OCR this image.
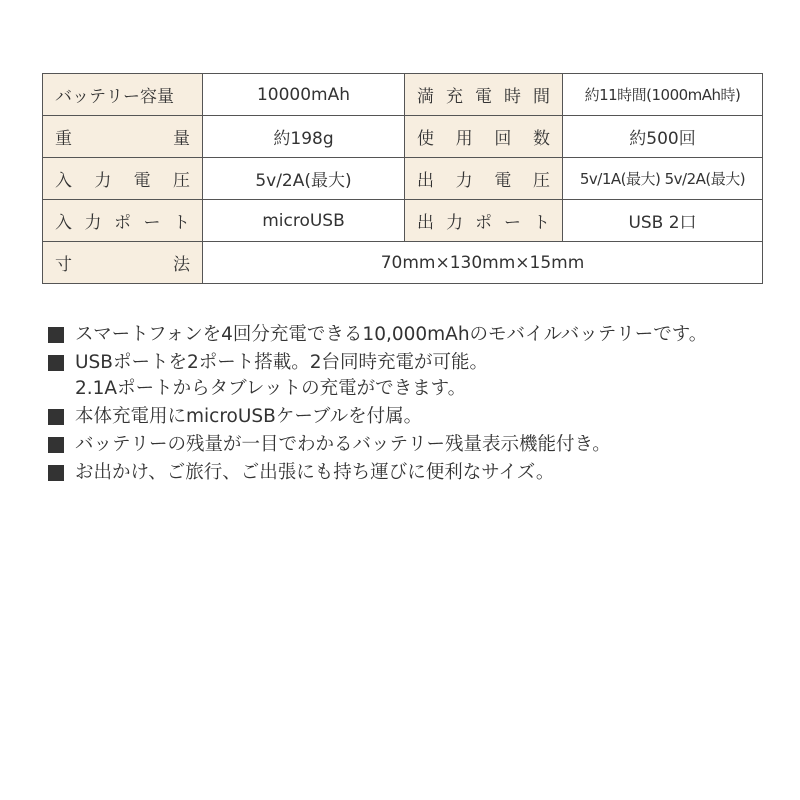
バッテリー容量	10000mAh	満 充 電 時 間	約11時間(1000mAh時)

重 量	約198g	使 用 回 数	約500回

入 力 電 圧	5v/2A(最大)	出 力 電 圧	5v/1A(最大) 5v/2A(最大)

入 力 ポ ー ト	microUSB	出 力 ポ ー ト	USB 2口

寸 法	70mm×130mm×15mm		
スマートフォンを4回分充電できる10,000mAhのモバイルバッテリーです。
USBポートを2ポート搭載。2台同時充電が可能。
2.1Aポートからタブレットの充電ができます。
本体充電用にmicroUSBケーブルを付属。
バッテリーの残量が一目でわかるバッテリー残量表示機能付き。
お出かけ、ご旅行、ご出張にも持ち運びに便利なサイズ。
